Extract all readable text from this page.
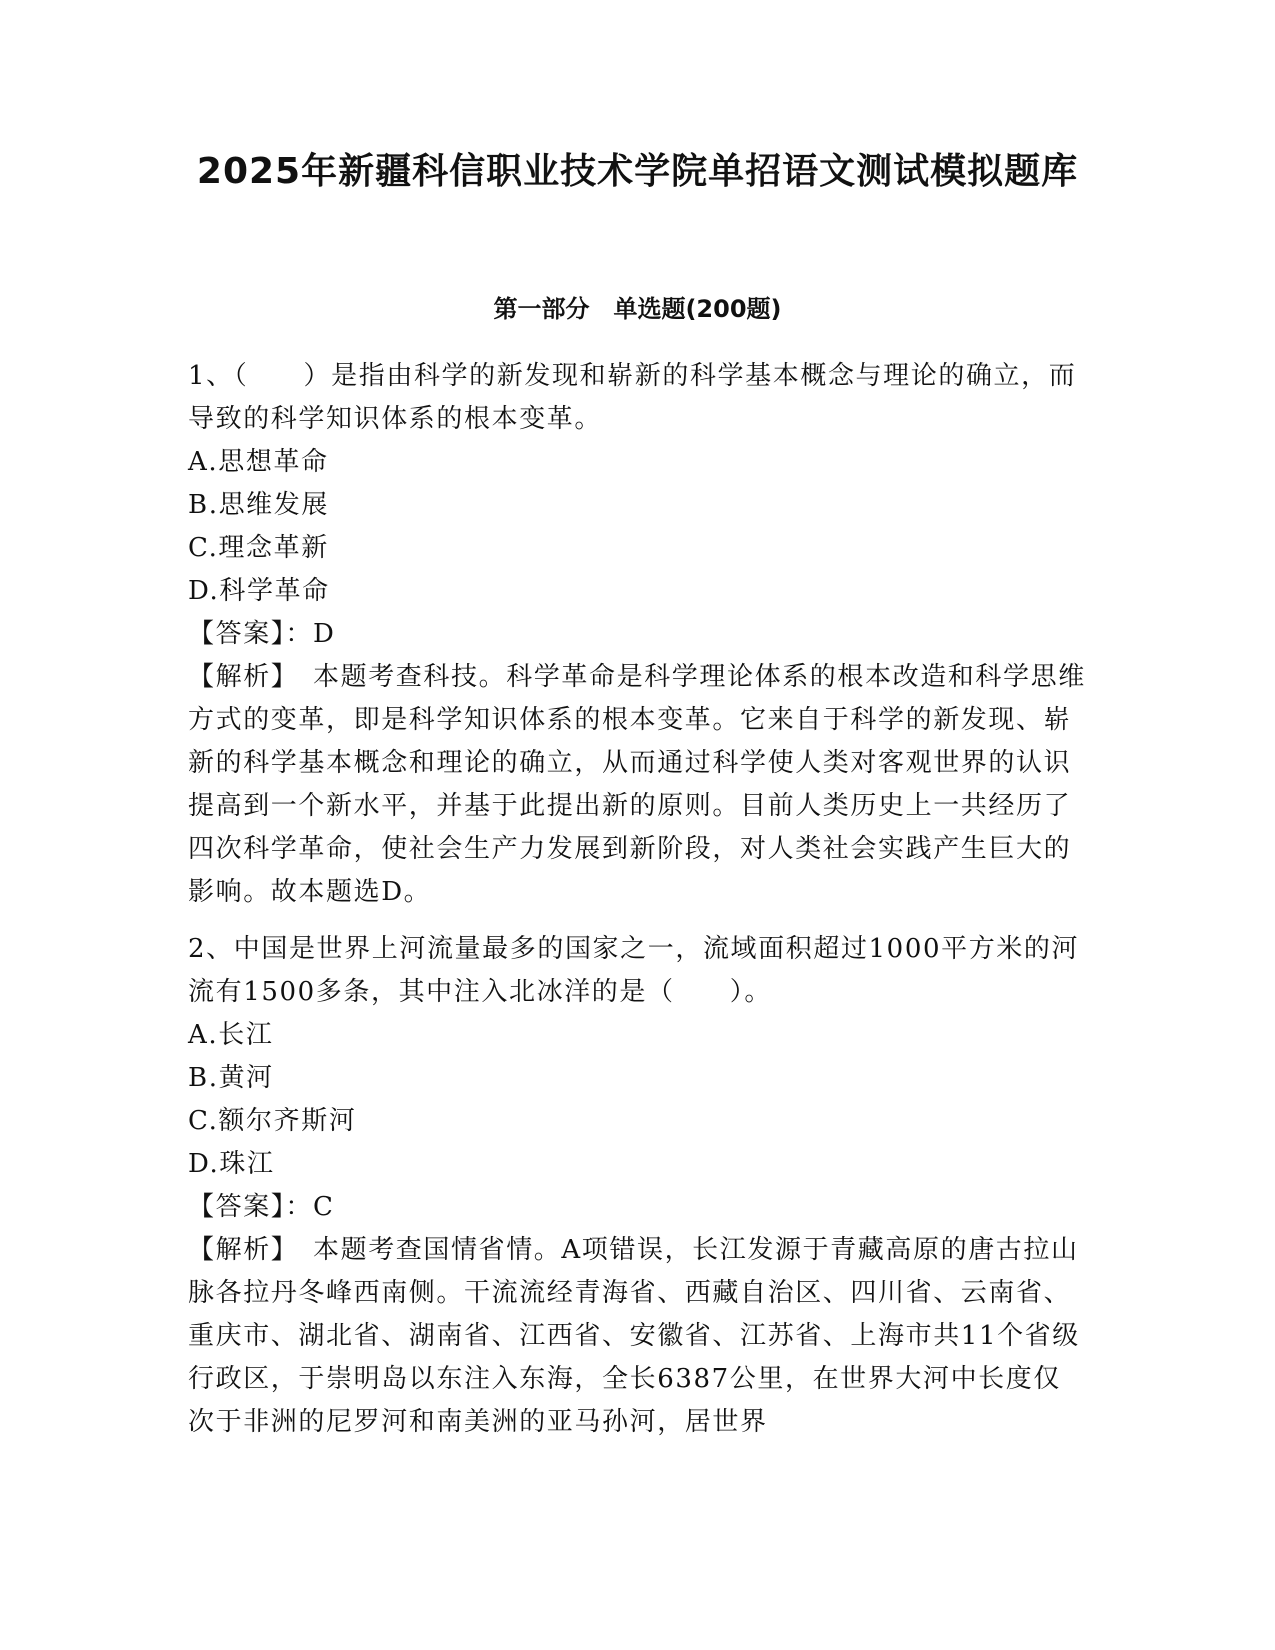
2025年新疆科信职业技术学院单招语文测试模拟题库
第一部分　单选题(200题)

1、（　　）是指由科学的新发现和崭新的科学基本概念与理论的确立，而导致的科学知识体系的根本变革。

A.思想革命

B.思维发展

C.理念革新

D.科学革命

【答案】：D

【解析】　本题考查科技。科学革命是科学理论体系的根本改造和科学思维方式的变革，即是科学知识体系的根本变革。它来自于科学的新发现、崭新的科学基本概念和理论的确立，从而通过科学使人类对客观世界的认识提高到一个新水平，并基于此提出新的原则。目前人类历史上一共经历了四次科学革命，使社会生产力发展到新阶段，对人类社会实践产生巨大的影响。故本题选D。

2、中国是世界上河流量最多的国家之一，流域面积超过1000平方米的河流有1500多条，其中注入北冰洋的是（　　）。

A.长江

B.黄河

C.额尔齐斯河

D.珠江

【答案】：C

【解析】　本题考查国情省情。A项错误，长江发源于青藏高原的唐古拉山脉各拉丹冬峰西南侧。干流流经青海省、西藏自治区、四川省、云南省、重庆市、湖北省、湖南省、江西省、安徽省、江苏省、上海市共11个省级行政区，于崇明岛以东注入东海，全长6387公里，在世界大河中长度仅次于非洲的尼罗河和南美洲的亚马孙河，居世界
